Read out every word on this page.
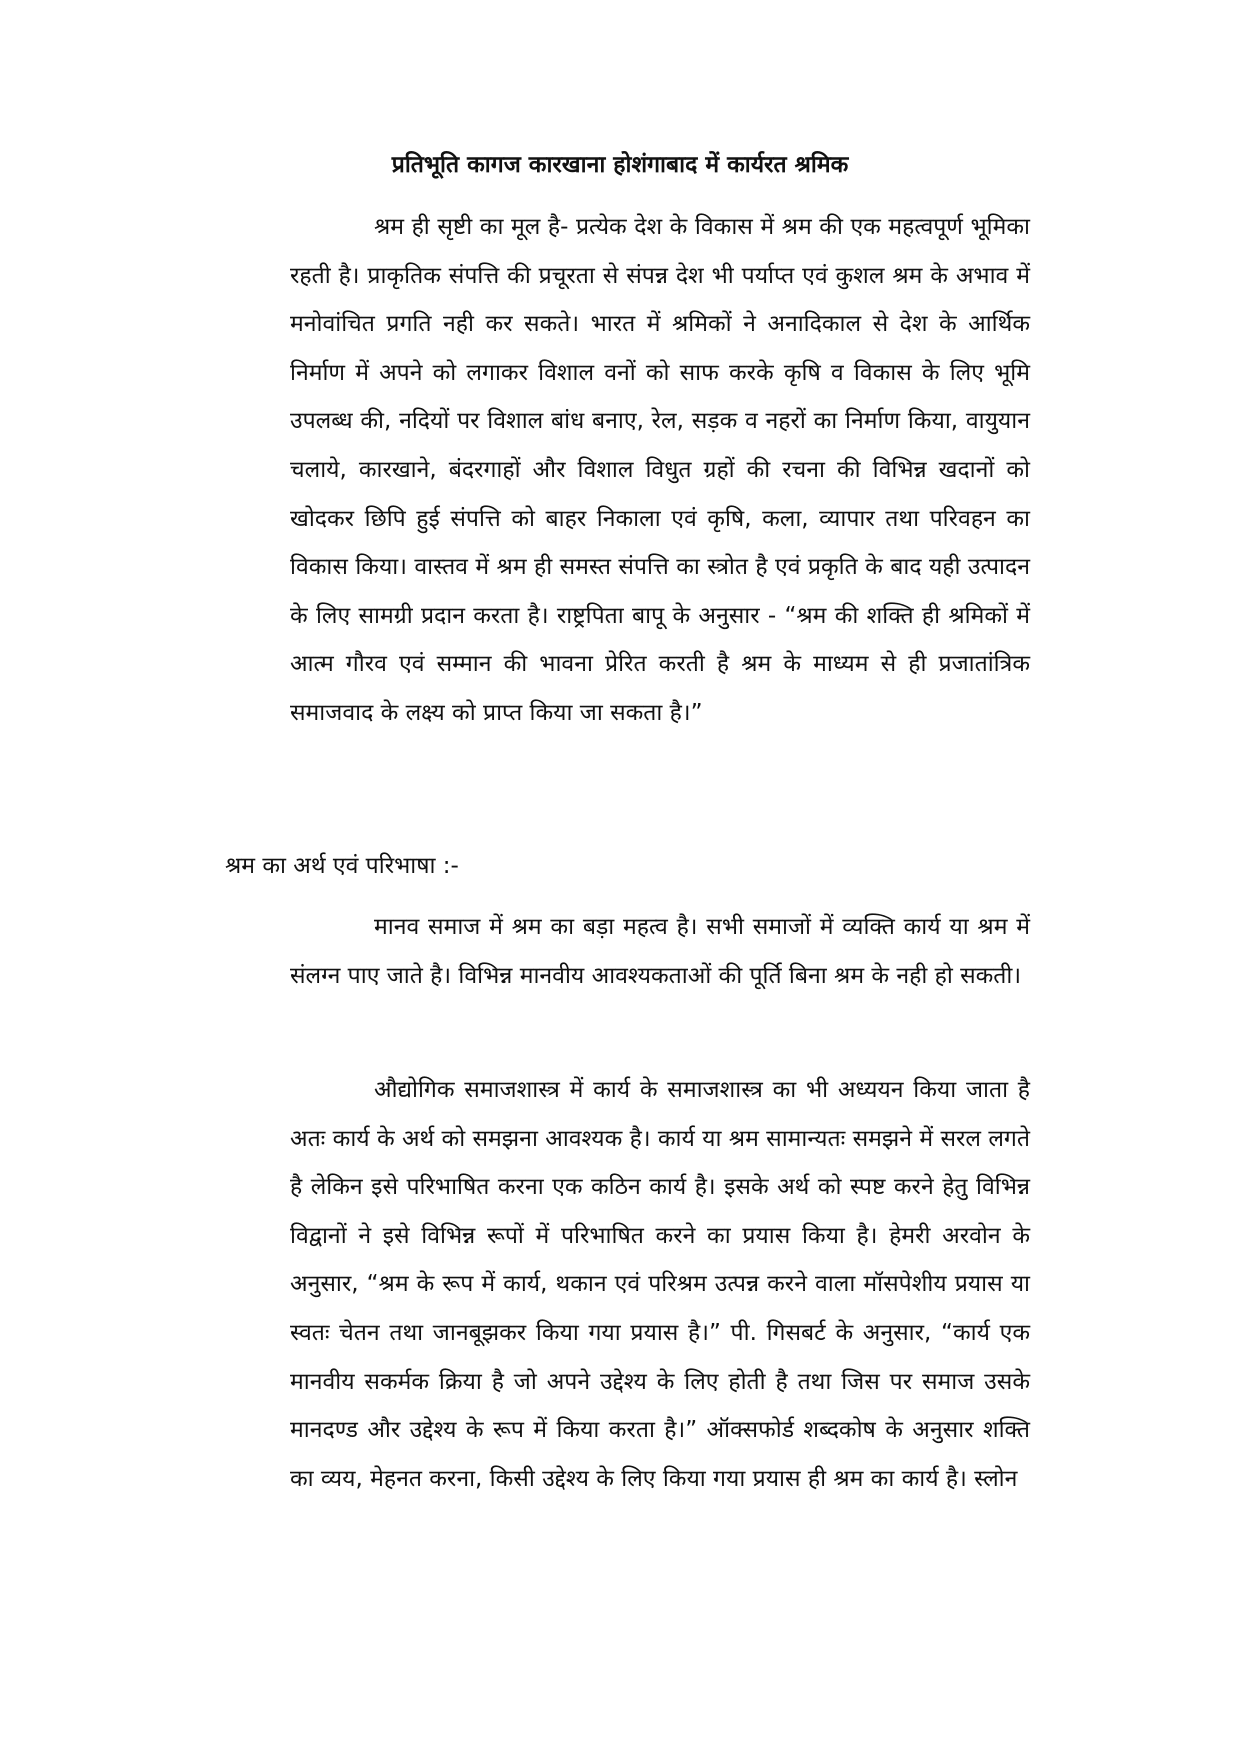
प्रतिभूति कागज कारखाना होशंगाबाद में कार्यरत श्रमिक

श्रम ही सृष्टी का मूल है- प्रत्येक देश के विकास में श्रम की एक महत्वपूर्ण भूमिका रहती है। प्राकृतिक संपत्ति की प्रचूरता से संपन्न देश भी पर्याप्त एवं कुशल श्रम के अभाव में मनोवांचित प्रगति नही कर सकते। भारत में श्रमिकों ने अनादिकाल से देश के आर्थिक निर्माण में अपने को लगाकर विशाल वनों को साफ करके कृषि व विकास के लिए भूमि उपलब्ध की, नदियों पर विशाल बांध बनाए, रेल, सड़क व नहरों का निर्माण किया, वायुयान चलाये, कारखाने, बंदरगाहों और विशाल विधुत ग्रहों की रचना की विभिन्न खदानों को खोदकर छिपि हुई संपत्ति को बाहर निकाला एवं कृषि, कला, व्यापार तथा परिवहन का विकास किया। वास्तव में श्रम ही समस्त संपत्ति का स्त्रोत है एवं प्रकृति के बाद यही उत्पादन के लिए सामग्री प्रदान करता है। राष्ट्रपिता बापू के अनुसार - “श्रम की शक्ति ही श्रमिकों में आत्म गौरव एवं सम्मान की भावना प्रेरित करती है श्रम के माध्यम से ही प्रजातांत्रिक समाजवाद के लक्ष्य को प्राप्त किया जा सकता है।”

श्रम का अर्थ एवं परिभाषा :-

मानव समाज में श्रम का बड़ा महत्व है। सभी समाजों में व्यक्ति कार्य या श्रम में संलग्न पाए जाते है। विभिन्न मानवीय आवश्यकताओं की पूर्ति बिना श्रम के नही हो सकती।

औद्योगिक समाजशास्त्र में कार्य के समाजशास्त्र का भी अध्ययन किया जाता है अतः कार्य के अर्थ को समझना आवश्यक है। कार्य या श्रम सामान्यतः समझने में सरल लगते है लेकिन इसे परिभाषित करना एक कठिन कार्य है। इसके अर्थ को स्पष्ट करने हेतु विभिन्न विद्वानों ने इसे विभिन्न रूपों में परिभाषित करने का प्रयास किया है। हेमरी अरवोन के अनुसार, “श्रम के रूप में कार्य, थकान एवं परिश्रम उत्पन्न करने वाला मॉसपेशीय प्रयास या स्वतः चेतन तथा जानबूझकर किया गया प्रयास है।” पी. गिसबर्ट के अनुसार, “कार्य एक मानवीय सकर्मक क्रिया है जो अपने उद्देश्य के लिए होती है तथा जिस पर समाज उसके मानदण्ड और उद्देश्य के रूप में किया करता है।” ऑक्सफोर्ड शब्दकोष के अनुसार शक्ति का व्यय, मेहनत करना, किसी उद्देश्य के लिए किया गया प्रयास ही श्रम का कार्य है। स्लोन
